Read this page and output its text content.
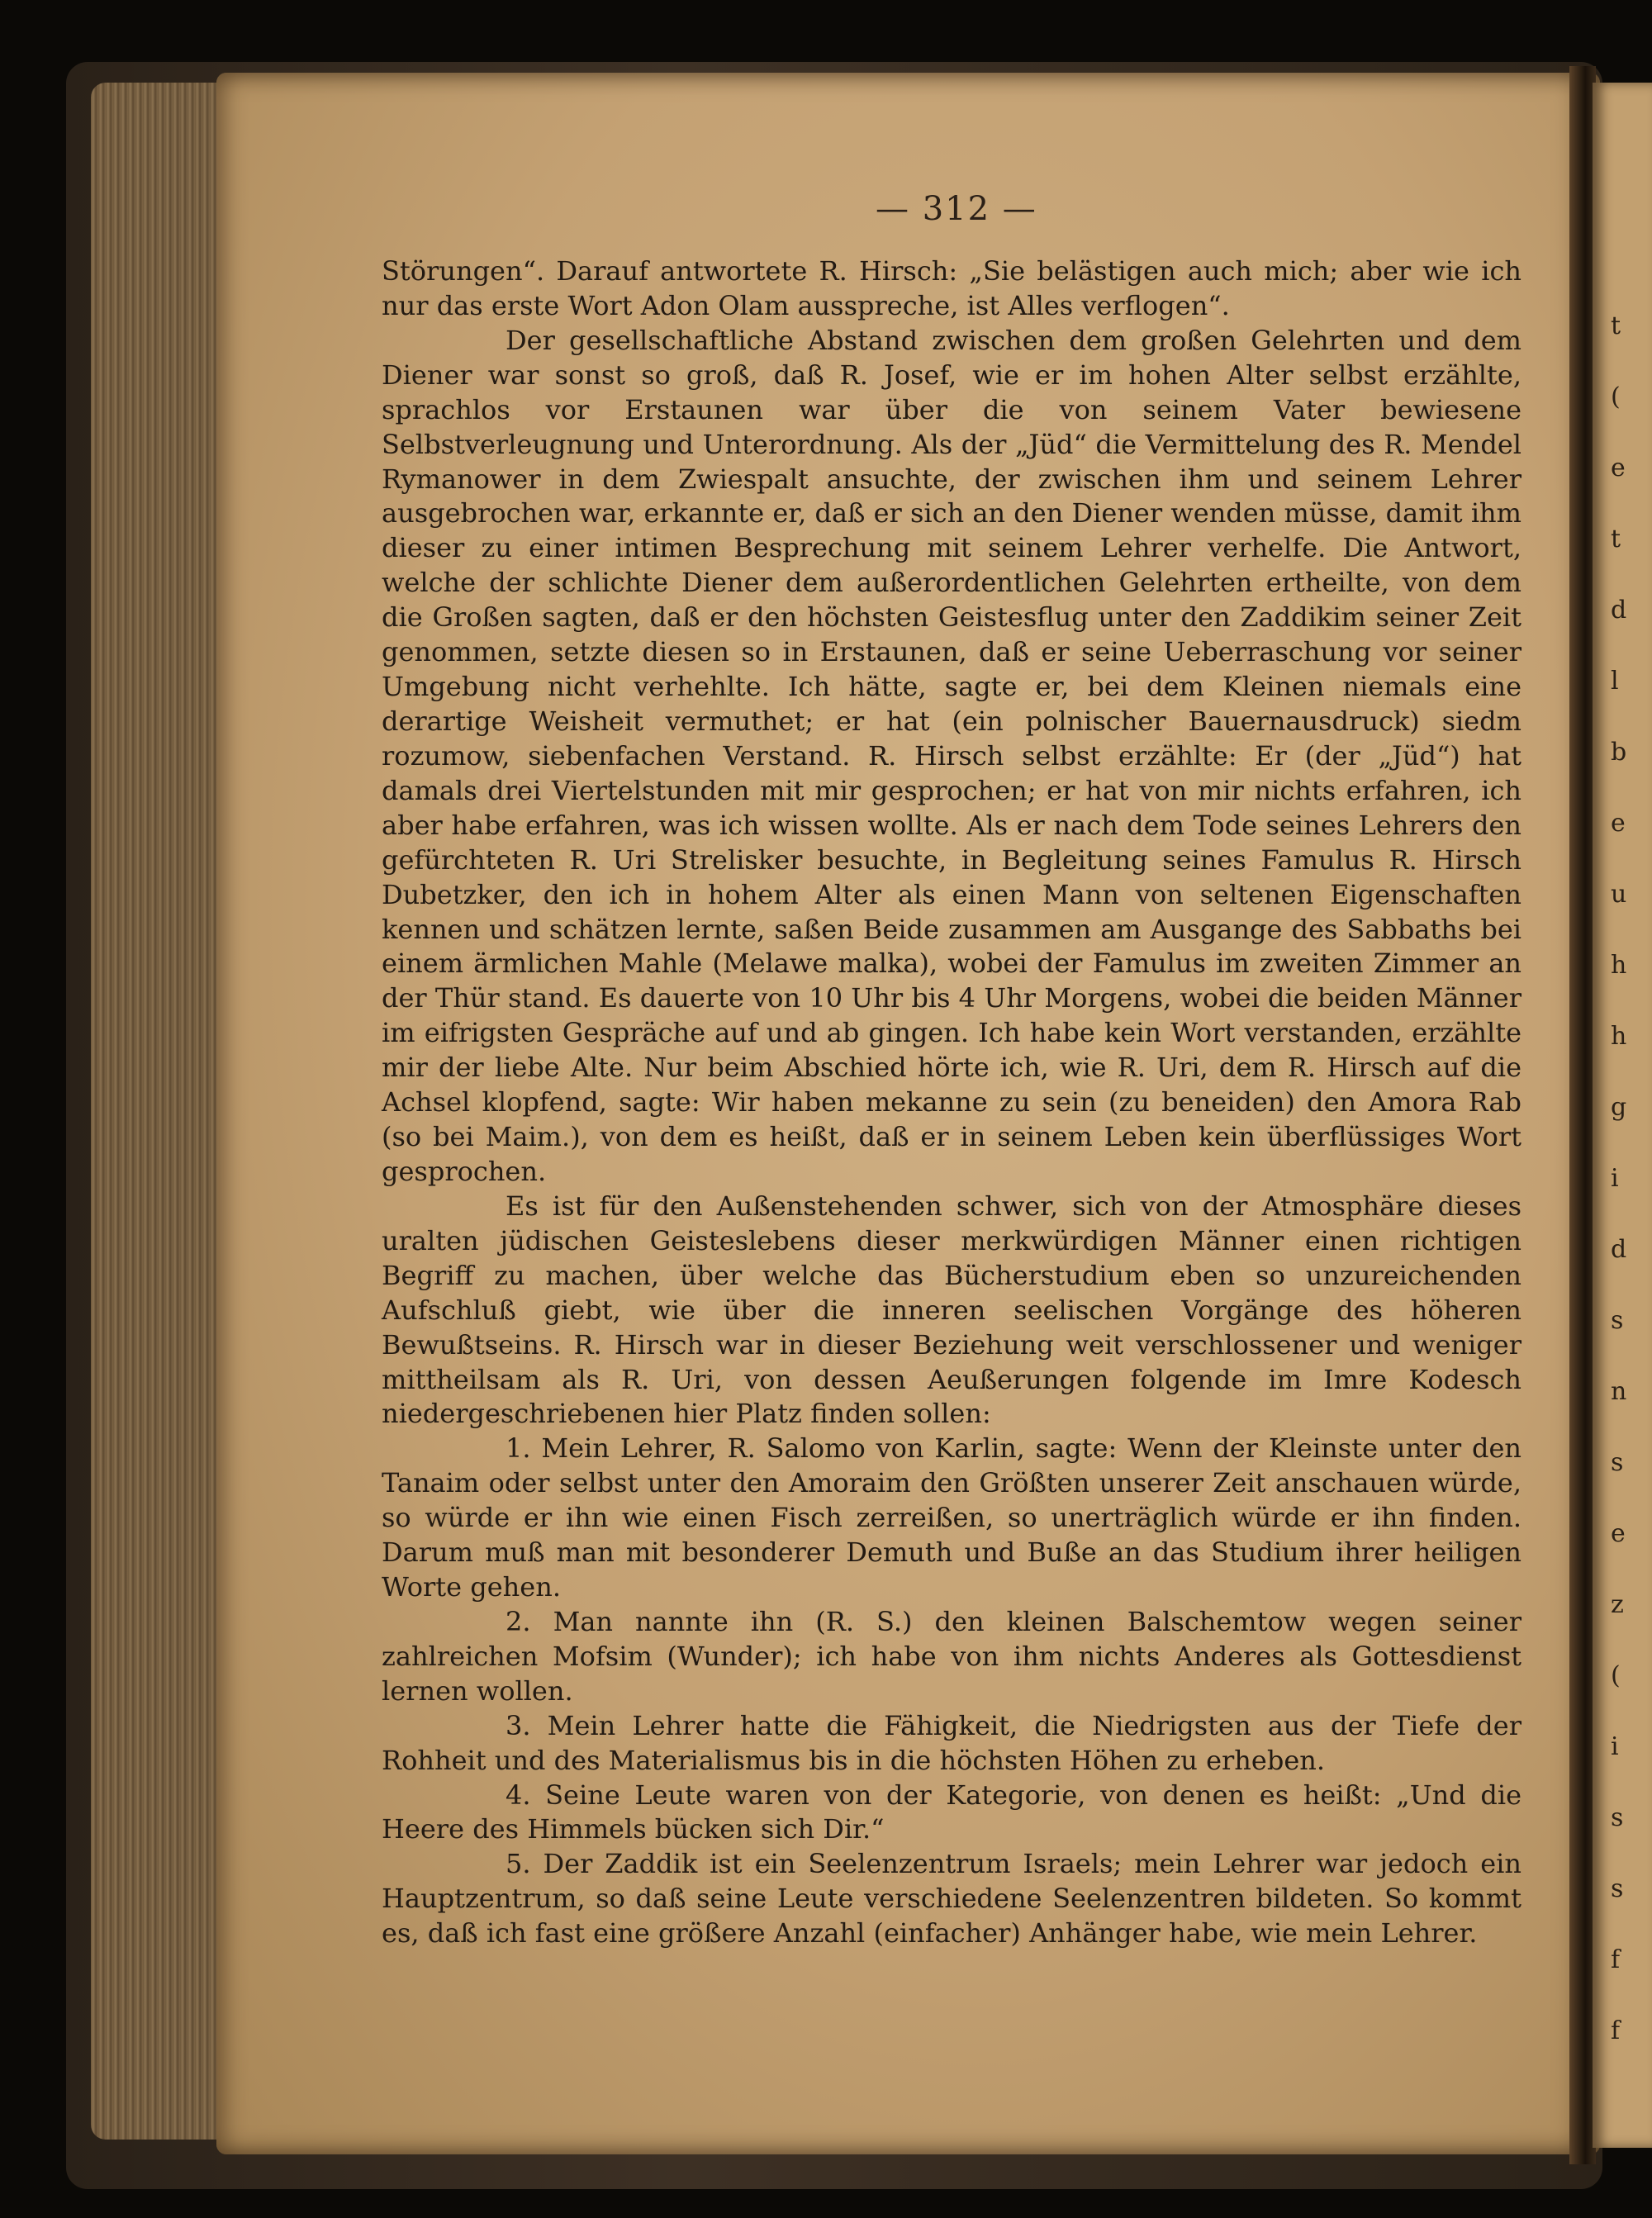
t
(
e
t
d
l
b
e
u
h
h
g
i
d
s
n
s
e
z
(
i
s
s
f
f
— 312 —

Störungen“. Darauf antwortete R. Hirsch: „Sie belästigen auch mich; aber wie ich nur das erste Wort Adon Olam ausspreche, ist Alles verflogen“.

Der gesellschaftliche Abstand zwischen dem großen Gelehrten und dem Diener war sonst so groß, daß R. Josef, wie er im hohen Alter selbst erzählte, sprachlos vor Erstaunen war über die von seinem Vater bewiesene Selbstverleugnung und Unterordnung. Als der „Jüd“ die Vermittelung des R. Mendel Rymanower in dem Zwiespalt ansuchte, der zwischen ihm und seinem Lehrer ausgebrochen war, erkannte er, daß er sich an den Diener wenden müsse, damit ihm dieser zu einer intimen Besprechung mit seinem Lehrer verhelfe. Die Antwort, welche der schlichte Diener dem außerordentlichen Gelehrten ertheilte, von dem die Großen sagten, daß er den höchsten Geistesflug unter den Zaddikim seiner Zeit genommen, setzte diesen so in Erstaunen, daß er seine Ueberraschung vor seiner Umgebung nicht verhehlte. Ich hätte, sagte er, bei dem Kleinen niemals eine derartige Weisheit vermuthet; er hat (ein polnischer Bauernausdruck) siedm rozumow, siebenfachen Verstand. R. Hirsch selbst erzählte: Er (der „Jüd“) hat damals drei Viertelstunden mit mir gesprochen; er hat von mir nichts erfahren, ich aber habe erfahren, was ich wissen wollte. Als er nach dem Tode seines Lehrers den gefürchteten R. Uri Strelisker besuchte, in Begleitung seines Famulus R. Hirsch Dubetzker, den ich in hohem Alter als einen Mann von seltenen Eigenschaften kennen und schätzen lernte, saßen Beide zusammen am Ausgange des Sabbaths bei einem ärmlichen Mahle (Melawe malka), wobei der Famulus im zweiten Zimmer an der Thür stand. Es dauerte von 10 Uhr bis 4 Uhr Morgens, wobei die beiden Männer im eifrigsten Gespräche auf und ab gingen. Ich habe kein Wort verstanden, erzählte mir der liebe Alte. Nur beim Abschied hörte ich, wie R. Uri, dem R. Hirsch auf die Achsel klopfend, sagte: Wir haben mekanne zu sein (zu beneiden) den Amora Rab (so bei Maim.), von dem es heißt, daß er in seinem Leben kein überflüssiges Wort gesprochen.

Es ist für den Außenstehenden schwer, sich von der Atmosphäre dieses uralten jüdischen Geisteslebens dieser merkwürdigen Männer einen richtigen Begriff zu machen, über welche das Bücherstudium eben so unzureichenden Aufschluß giebt, wie über die inneren seelischen Vorgänge des höheren Bewußtseins. R. Hirsch war in dieser Beziehung weit verschlossener und weniger mittheilsam als R. Uri, von dessen Aeußerungen folgende im Imre Kodesch niedergeschriebenen hier Platz finden sollen:

1. Mein Lehrer, R. Salomo von Karlin, sagte: Wenn der Kleinste unter den Tanaim oder selbst unter den Amoraim den Größten unserer Zeit anschauen würde, so würde er ihn wie einen Fisch zerreißen, so unerträglich würde er ihn finden. Darum muß man mit besonderer Demuth und Buße an das Studium ihrer heiligen Worte gehen.

2. Man nannte ihn (R. S.) den kleinen Balschemtow wegen seiner zahlreichen Mofsim (Wunder); ich habe von ihm nichts Anderes als Gottesdienst lernen wollen.

3. Mein Lehrer hatte die Fähigkeit, die Niedrigsten aus der Tiefe der Rohheit und des Materialismus bis in die höchsten Höhen zu erheben.

4. Seine Leute waren von der Kategorie, von denen es heißt: „Und die Heere des Himmels bücken sich Dir.“

5. Der Zaddik ist ein Seelenzentrum Israels; mein Lehrer war jedoch ein Hauptzentrum, so daß seine Leute verschiedene Seelenzentren bildeten. So kommt es, daß ich fast eine größere Anzahl (einfacher) Anhänger habe, wie mein Lehrer.
